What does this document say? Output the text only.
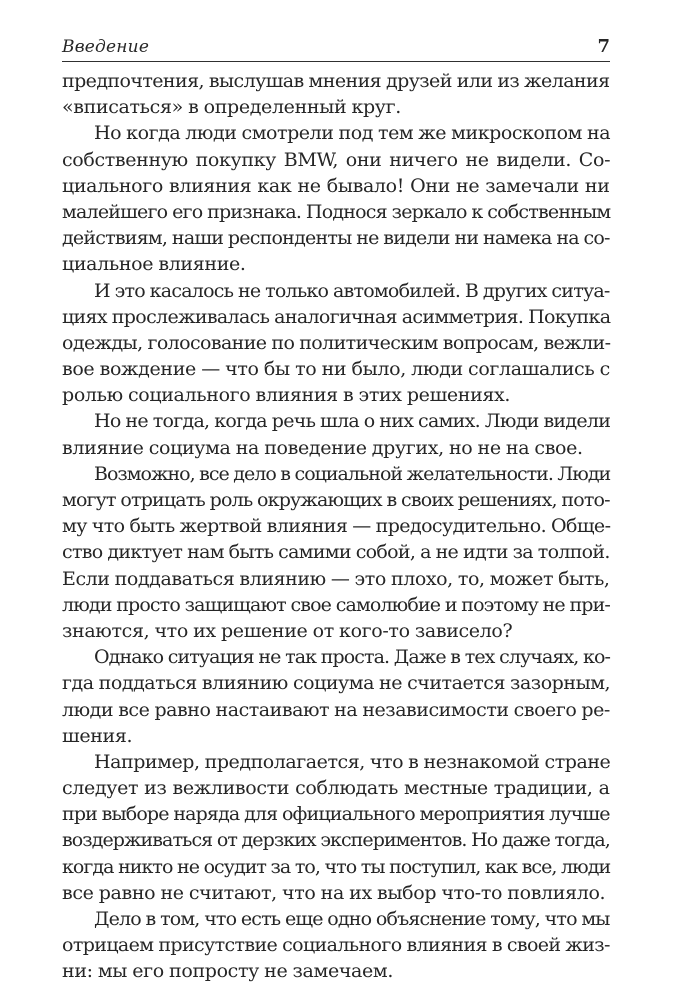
Введение	7
предпочтения, выслушав мнения друзей или из желания
«вписаться» в определенный круг.
Но когда люди смотрели под тем же микроскопом на
собственную покупку BMW, они ничего не видели. Со-
циального влияния как не бывало! Они не замечали ни
малейшего его признака. Поднося зеркало к собственным
действиям, наши респонденты не видели ни намека на со-
циальное влияние.
И это касалось не только автомобилей. В других ситуа-
циях прослеживалась аналогичная асимметрия. Покупка
одежды, голосование по политическим вопросам, вежли-
вое вождение — что бы то ни было, люди соглашались с
ролью социального влияния в этих решениях.
Но не тогда, когда речь шла о них самих. Люди видели
влияние социума на поведение других, но не на свое.
Возможно, все дело в социальной желательности. Люди
могут отрицать роль окружающих в своих решениях, пото-
му что быть жертвой влияния — предосудительно. Обще-
ство диктует нам быть самими собой, а не идти за толпой.
Если поддаваться влиянию — это плохо, то, может быть,
люди просто защищают свое самолюбие и поэтому не при-
знаются, что их решение от кого-то зависело?
Однако ситуация не так проста. Даже в тех случаях, ко-
гда поддаться влиянию социума не считается зазорным,
люди все равно настаивают на независимости своего ре-
шения.
Например, предполагается, что в незнакомой стране
следует из вежливости соблюдать местные традиции, а
при выборе наряда для официального мероприятия лучше
воздерживаться от дерзких экспериментов. Но даже тогда,
когда никто не осудит за то, что ты поступил, как все, люди
все равно не считают, что на их выбор что-то повлияло.
Дело в том, что есть еще одно объяснение тому, что мы
отрицаем присутствие социального влияния в своей жиз-
ни: мы его попросту не замечаем.
